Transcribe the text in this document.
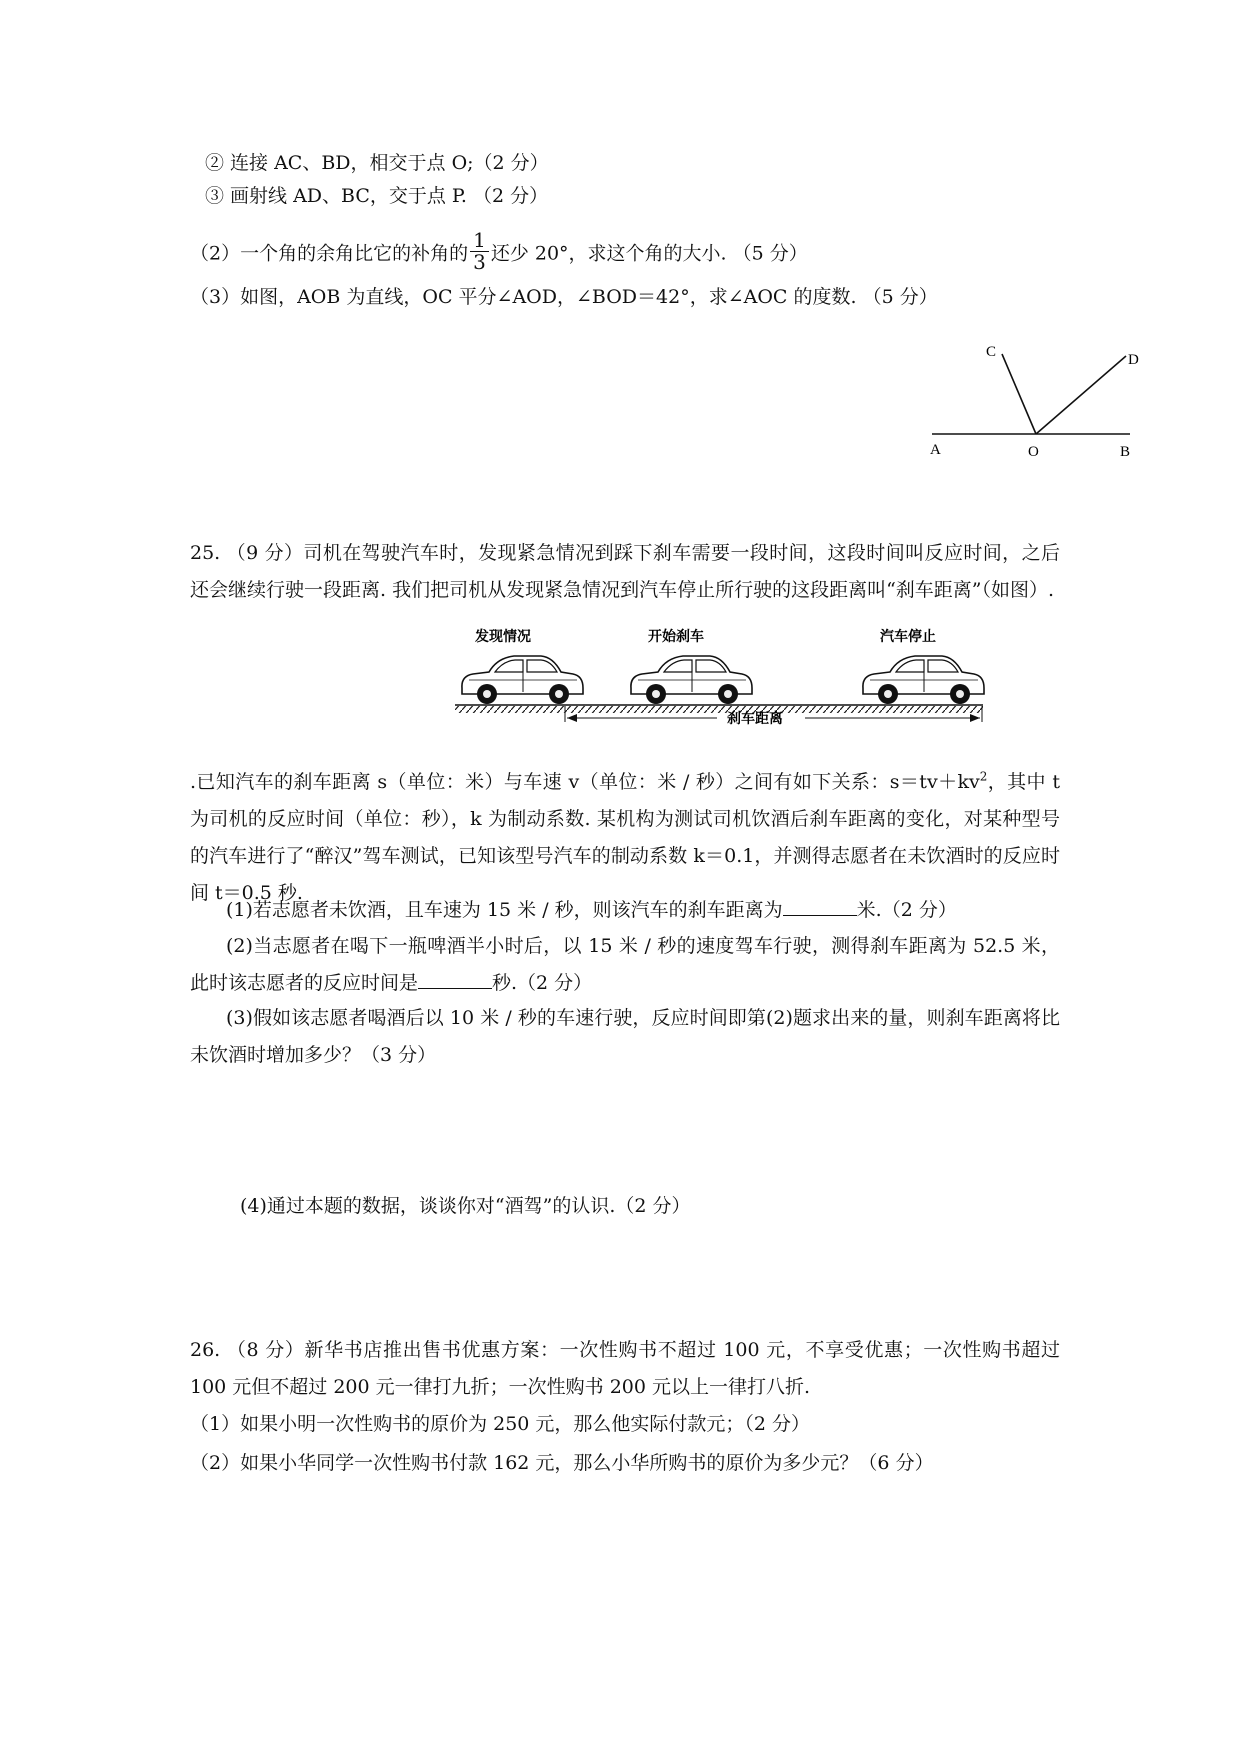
② 连接 AC、BD，相交于点 O;（2 分）
③ 画射线 AD、BC，交于点 P. （2 分）
（2）一个角的余角比它的补角的 $\frac{1}{3}$ 还少 20°，求这个角的大小. （5 分）
（3）如图，AOB 为直线，OC 平分∠AOD，∠BOD＝42°，求∠AOC 的度数. （5 分）
A	O	B
C	D
25. （9 分）司机在驾驶汽车时，发现紧急情况到踩下刹车需要一段时间，这段时间叫反应时间，之后还会继续行驶一段距离. 我们把司机从发现紧急情况到汽车停止所行驶的这段距离叫“刹车距离”（如图）.
发现情况	开始刹车	汽车停止
刹车距离
.已知汽车的刹车距离 s（单位：米）与车速 v（单位：米 / 秒）之间有如下关系：$s=tv+kv^2$，其中 t 为司机的反应时间（单位：秒），k 为制动系数. 某机构为测试司机饮酒后刹车距离的变化，对某种型号的汽车进行了“醉汉”驾车测试，已知该型号汽车的制动系数 k＝0.1，并测得志愿者在未饮酒时的反应时间 t＝0.5 秒.
(1)若志愿者未饮酒，且车速为 15 米 / 秒，则该汽车的刹车距离为	米.（2 分）
(2)当志愿者在喝下一瓶啤酒半小时后，以 15 米 / 秒的速度驾车行驶，测得刹车距离为 52.5 米，此时该志愿者的反应时间是	秒.（2 分）
(3)假如该志愿者喝酒后以 10 米 / 秒的车速行驶，反应时间即第(2)题求出来的量，则刹车距离将比未饮酒时增加多少？（3 分）
(4)通过本题的数据，谈谈你对“酒驾”的认识.（2 分）
26. （8 分）新华书店推出售书优惠方案：一次性购书不超过 100 元，不享受优惠；一次性购书超过 100 元但不超过 200 元一律打九折；一次性购书 200 元以上一律打八折.
（1）如果小明一次性购书的原价为 250 元，那么他实际付款元；（2 分）
（2）如果小华同学一次性购书付款 162 元，那么小华所购书的原价为多少元？（6 分）
